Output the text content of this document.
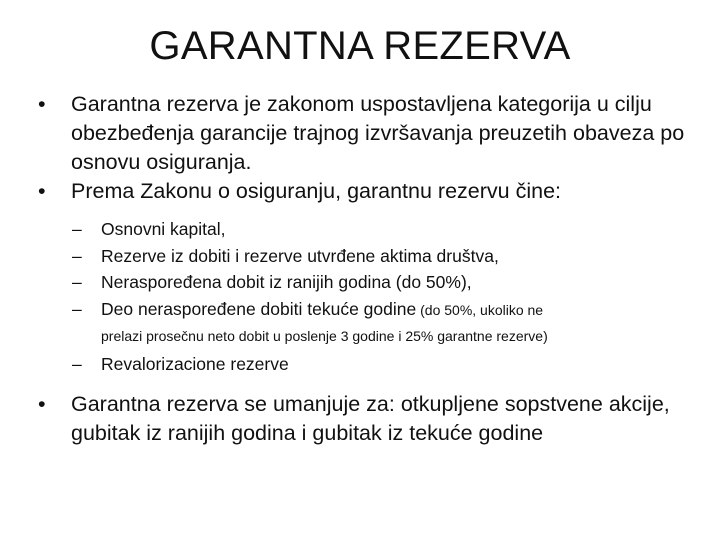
GARANTNA REZERVA
• Garantna rezerva je zakonom uspostavljena kategorija u cilju obezbeđenja garancije trajnog izvršavanja preuzetih obaveza po osnovu osiguranja.
• Prema Zakonu o osiguranju, garantnu rezervu čine:
– Osnovni kapital,
– Rezerve iz dobiti i rezerve utvrđene aktima društva,
– Neraspoređena dobit iz ranijih godina (do 50%),
– Deo neraspoređene dobiti tekuće godine (do 50%, ukoliko ne
prelazi prosečnu neto dobit u poslenje 3 godine i 25% garantne rezerve)
– Revalorizacione rezerve
• Garantna rezerva se umanjuje za: otkupljene sopstvene akcije, gubitak iz ranijih godina i gubitak iz tekuće godine
